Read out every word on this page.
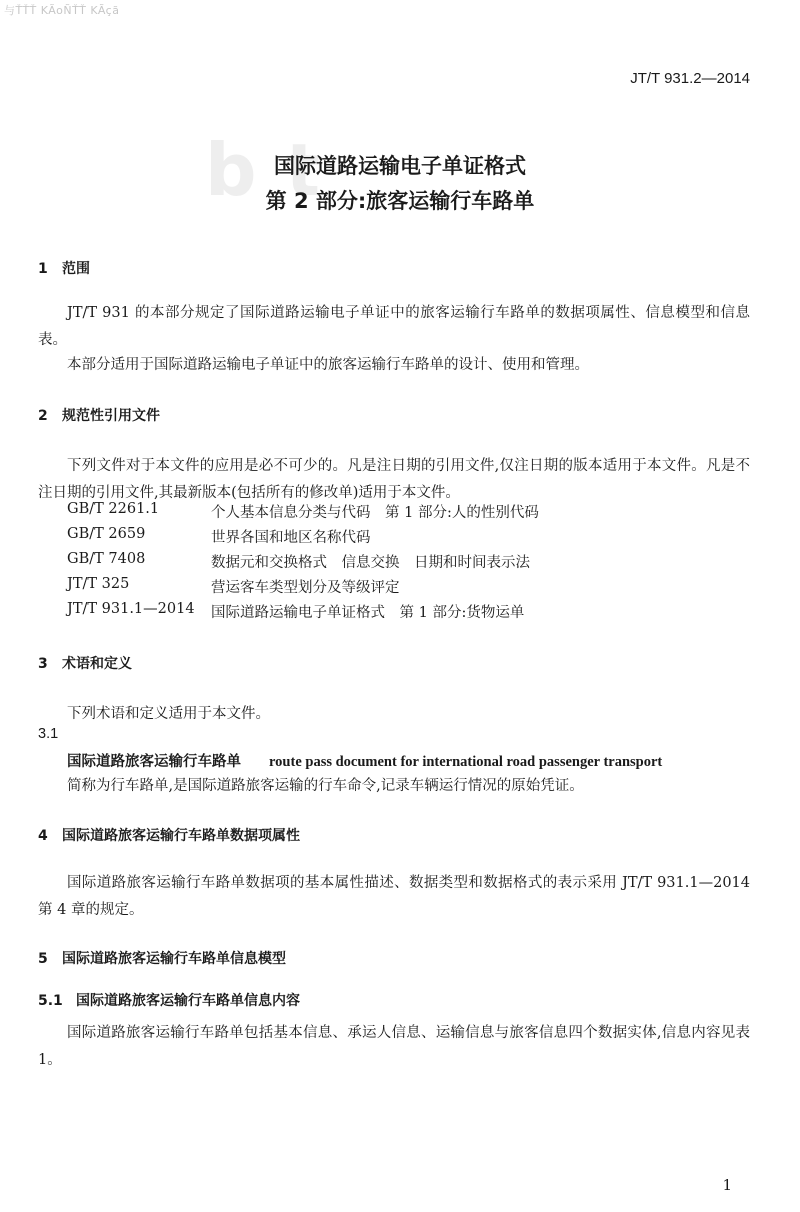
与ŤŤŤ KÃoÑŤŤ KÃçã
JT/T 931.2—2014
b t
国际道路运输电子单证格式
第 2 部分:旅客运输行车路单
1 范围
JT/T 931 的本部分规定了国际道路运输电子单证中的旅客运输行车路单的数据项属性、信息模型和信息表。
本部分适用于国际道路运输电子单证中的旅客运输行车路单的设计、使用和管理。
2 规范性引用文件
下列文件对于本文件的应用是必不可少的。凡是注日期的引用文件,仅注日期的版本适用于本文件。凡是不注日期的引用文件,其最新版本(包括所有的修改单)适用于本文件。
GB/T 2261.1	个人基本信息分类与代码　第 1 部分:人的性别代码
GB/T 2659	世界各国和地区名称代码
GB/T 7408	数据元和交换格式　信息交换　日期和时间表示法
JT/T 325	营运客车类型划分及等级评定
JT/T 931.1—2014 国际道路运输电子单证格式　第 1 部分:货物运单
3 术语和定义
下列术语和定义适用于本文件。
3.1
国际道路旅客运输行车路单 route pass document for international road passenger transport
简称为行车路单,是国际道路旅客运输的行车命令,记录车辆运行情况的原始凭证。
4 国际道路旅客运输行车路单数据项属性
国际道路旅客运输行车路单数据项的基本属性描述、数据类型和数据格式的表示采用 JT/T 931.1—2014 第 4 章的规定。
5 国际道路旅客运输行车路单信息模型
5.1 国际道路旅客运输行车路单信息内容
国际道路旅客运输行车路单包括基本信息、承运人信息、运输信息与旅客信息四个数据实体,信息内容见表 1。
1
